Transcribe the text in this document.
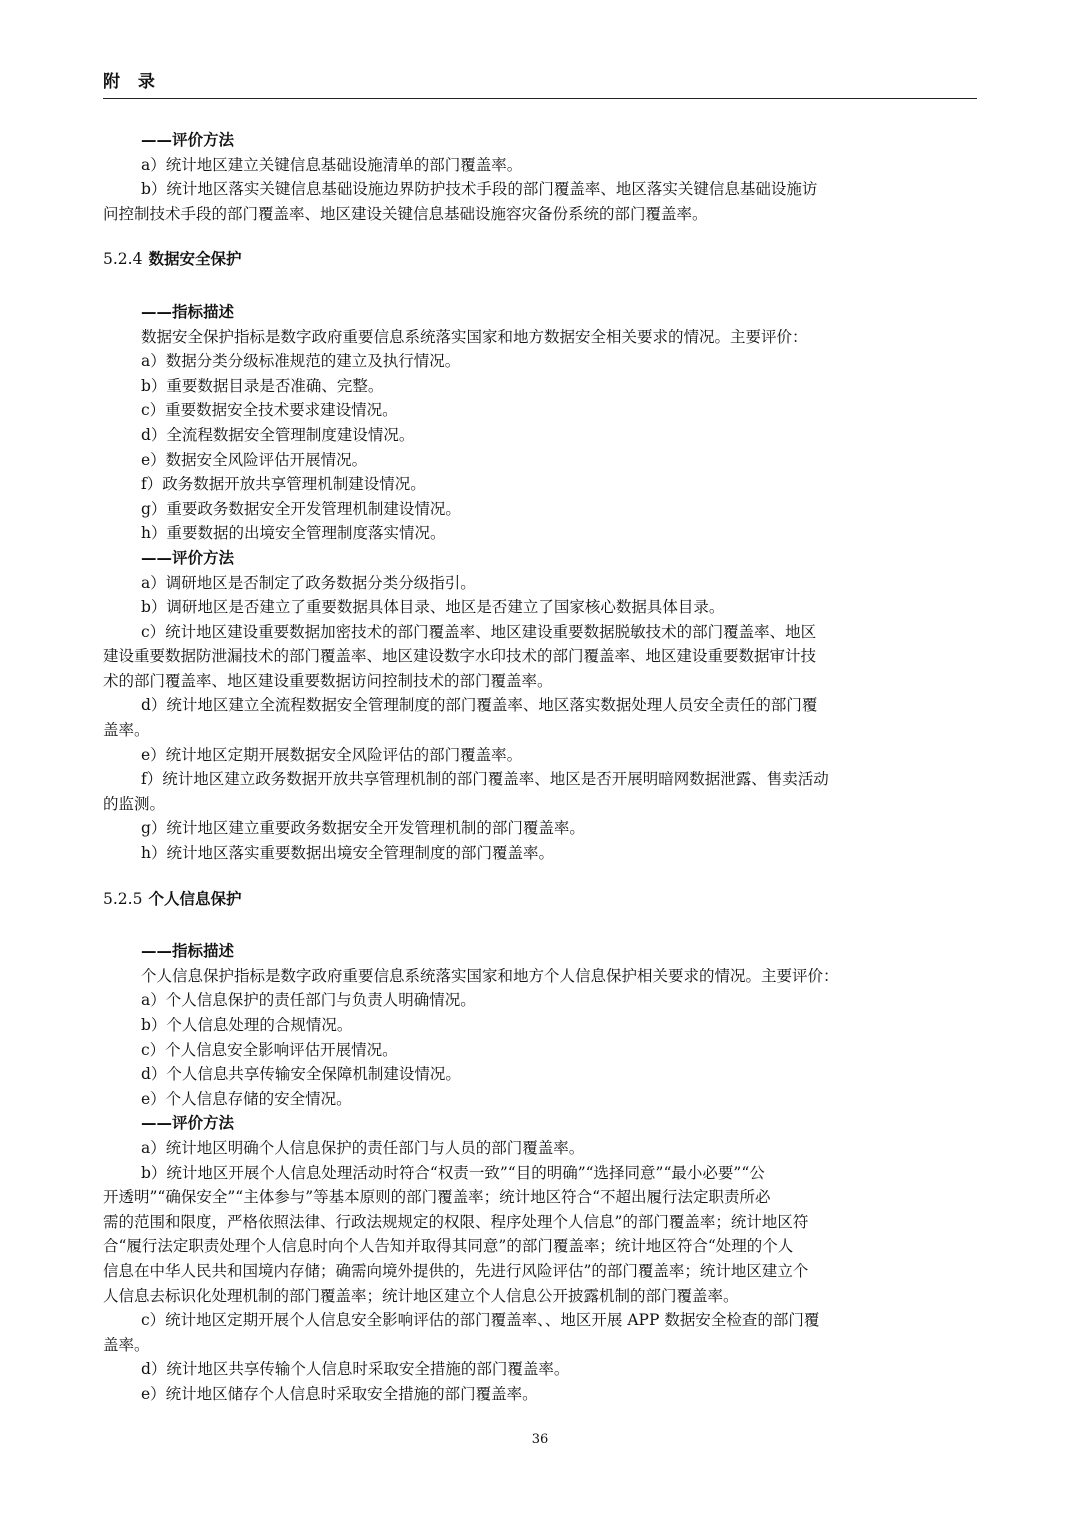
附 录

——评价方法

a）统计地区建立关键信息基础设施清单的部门覆盖率。

b）统计地区落实关键信息基础设施边界防护技术手段的部门覆盖率、地区落实关键信息基础设施访

问控制技术手段的部门覆盖率、地区建设关键信息基础设施容灾备份系统的部门覆盖率。

5.2.4 数据安全保护

——指标描述

数据安全保护指标是数字政府重要信息系统落实国家和地方数据安全相关要求的情况。主要评价：

a）数据分类分级标准规范的建立及执行情况。

b）重要数据目录是否准确、完整。

c）重要数据安全技术要求建设情况。

d）全流程数据安全管理制度建设情况。

e）数据安全风险评估开展情况。

f）政务数据开放共享管理机制建设情况。

g）重要政务数据安全开发管理机制建设情况。

h）重要数据的出境安全管理制度落实情况。

——评价方法

a）调研地区是否制定了政务数据分类分级指引。

b）调研地区是否建立了重要数据具体目录、地区是否建立了国家核心数据具体目录。

c）统计地区建设重要数据加密技术的部门覆盖率、地区建设重要数据脱敏技术的部门覆盖率、地区

建设重要数据防泄漏技术的部门覆盖率、地区建设数字水印技术的部门覆盖率、地区建设重要数据审计技

术的部门覆盖率、地区建设重要数据访问控制技术的部门覆盖率。

d）统计地区建立全流程数据安全管理制度的部门覆盖率、地区落实数据处理人员安全责任的部门覆

盖率。

e）统计地区定期开展数据安全风险评估的部门覆盖率。

f）统计地区建立政务数据开放共享管理机制的部门覆盖率、地区是否开展明暗网数据泄露、售卖活动

的监测。

g）统计地区建立重要政务数据安全开发管理机制的部门覆盖率。

h）统计地区落实重要数据出境安全管理制度的部门覆盖率。

5.2.5 个人信息保护

——指标描述

个人信息保护指标是数字政府重要信息系统落实国家和地方个人信息保护相关要求的情况。主要评价：

a）个人信息保护的责任部门与负责人明确情况。

b）个人信息处理的合规情况。

c）个人信息安全影响评估开展情况。

d）个人信息共享传输安全保障机制建设情况。

e）个人信息存储的安全情况。

——评价方法

a）统计地区明确个人信息保护的责任部门与人员的部门覆盖率。

b）统计地区开展个人信息处理活动时符合“权责一致”“目的明确”“选择同意”“最小必要”“公

开透明”“确保安全”“主体参与”等基本原则的部门覆盖率；统计地区符合“不超出履行法定职责所必

需的范围和限度，严格依照法律、行政法规规定的权限、程序处理个人信息”的部门覆盖率；统计地区符

合“履行法定职责处理个人信息时向个人告知并取得其同意”的部门覆盖率；统计地区符合“处理的个人

信息在中华人民共和国境内存储；确需向境外提供的，先进行风险评估”的部门覆盖率；统计地区建立个

人信息去标识化处理机制的部门覆盖率；统计地区建立个人信息公开披露机制的部门覆盖率。

c）统计地区定期开展个人信息安全影响评估的部门覆盖率、、地区开展 APP 数据安全检查的部门覆

盖率。

d）统计地区共享传输个人信息时采取安全措施的部门覆盖率。

e）统计地区储存个人信息时采取安全措施的部门覆盖率。

36
